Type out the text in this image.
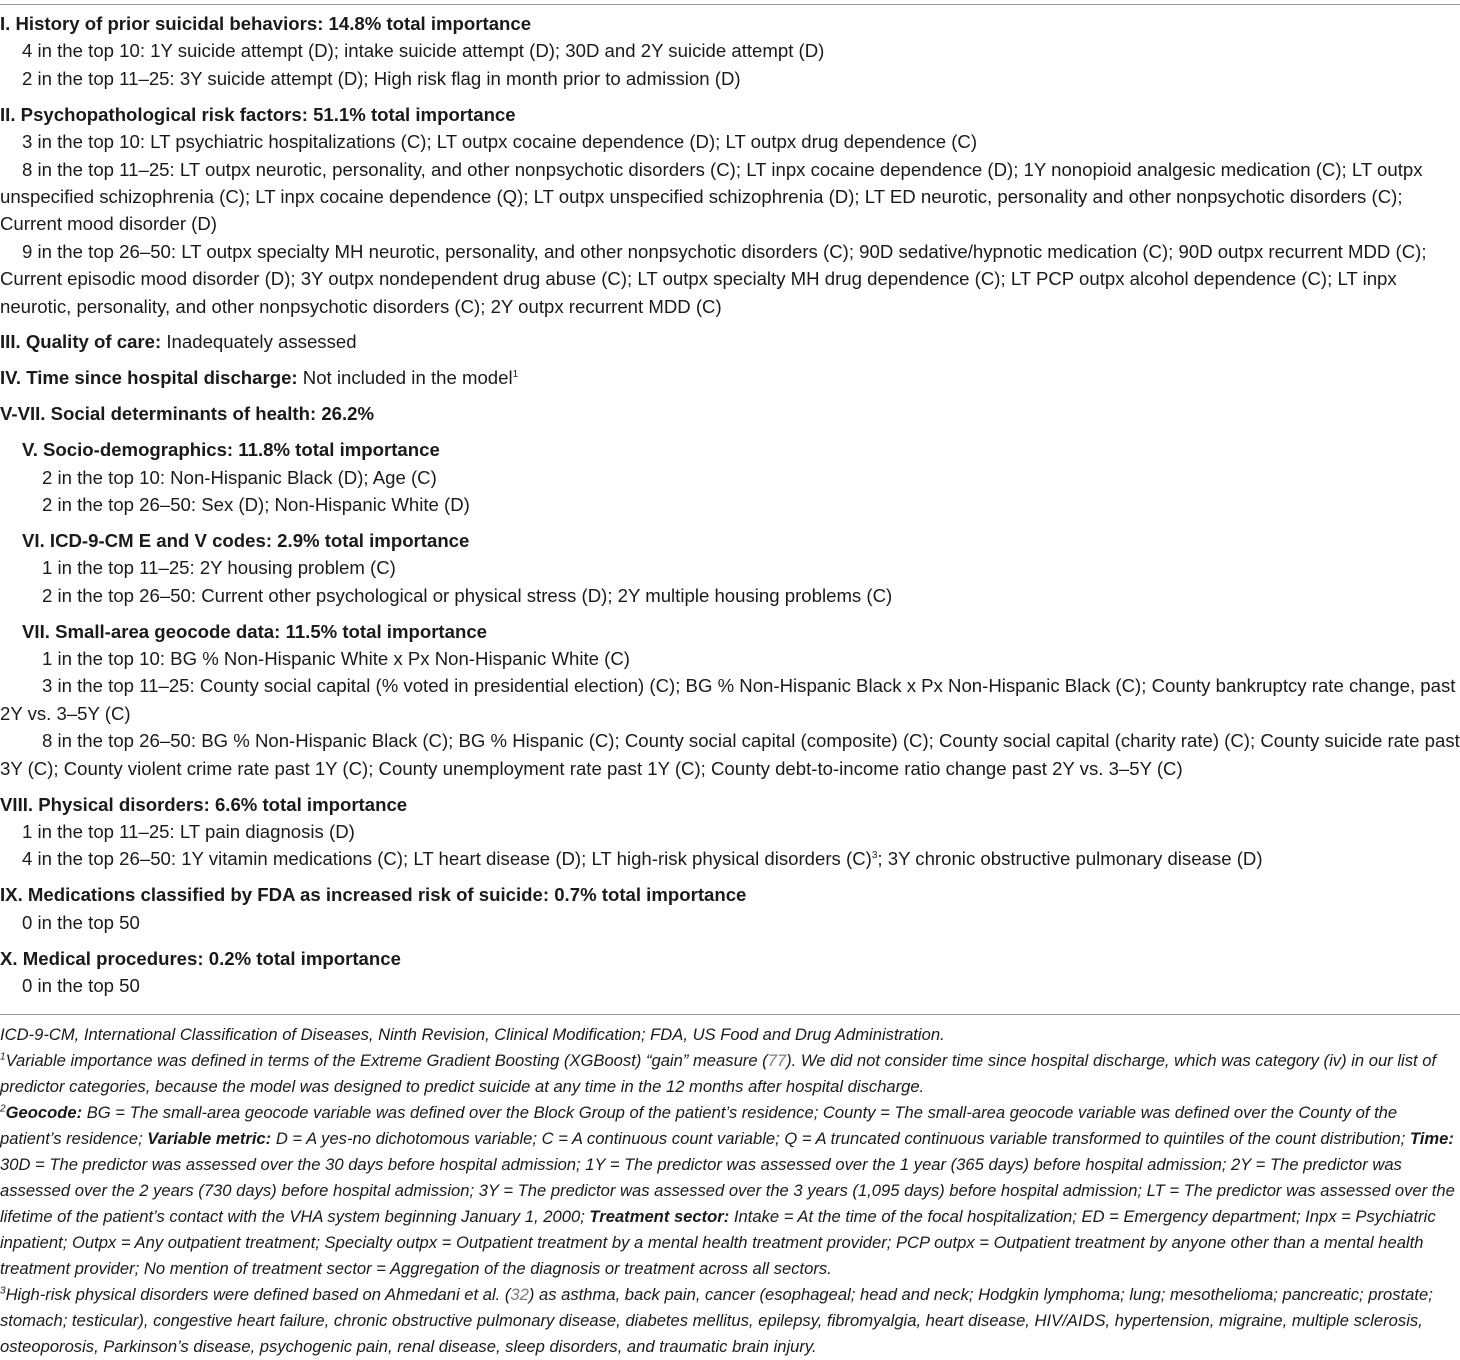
I. History of prior suicidal behaviors: 14.8% total importance
4 in the top 10: 1Y suicide attempt (D); intake suicide attempt (D); 30D and 2Y suicide attempt (D)
2 in the top 11–25: 3Y suicide attempt (D); High risk flag in month prior to admission (D)
II. Psychopathological risk factors: 51.1% total importance
3 in the top 10: LT psychiatric hospitalizations (C); LT outpx cocaine dependence (D); LT outpx drug dependence (C)
8 in the top 11–25: LT outpx neurotic, personality, and other nonpsychotic disorders (C); LT inpx cocaine dependence (D); 1Y nonopioid analgesic medication (C); LT outpx unspecified schizophrenia (C); LT inpx cocaine dependence (Q); LT outpx unspecified schizophrenia (D); LT ED neurotic, personality and other nonpsychotic disorders (C); Current mood disorder (D)
9 in the top 26–50: LT outpx specialty MH neurotic, personality, and other nonpsychotic disorders (C); 90D sedative/hypnotic medication (C); 90D outpx recurrent MDD (C); Current episodic mood disorder (D); 3Y outpx nondependent drug abuse (C); LT outpx specialty MH drug dependence (C); LT PCP outpx alcohol dependence (C); LT inpx neurotic, personality, and other nonpsychotic disorders (C); 2Y outpx recurrent MDD (C)
III. Quality of care: Inadequately assessed
IV. Time since hospital discharge: Not included in the model$^1$
V-VII. Social determinants of health: 26.2%
V. Socio-demographics: 11.8% total importance
2 in the top 10: Non-Hispanic Black (D); Age (C)
2 in the top 26–50: Sex (D); Non-Hispanic White (D)
VI. ICD-9-CM E and V codes: 2.9% total importance
1 in the top 11–25: 2Y housing problem (C)
2 in the top 26–50: Current other psychological or physical stress (D); 2Y multiple housing problems (C)
VII. Small-area geocode data: 11.5% total importance
1 in the top 10: BG % Non-Hispanic White x Px Non-Hispanic White (C)
3 in the top 11–25: County social capital (% voted in presidential election) (C); BG % Non-Hispanic Black x Px Non-Hispanic Black (C); County bankruptcy rate change, past 2Y vs. 3–5Y (C)
8 in the top 26–50: BG % Non-Hispanic Black (C); BG % Hispanic (C); County social capital (composite) (C); County social capital (charity rate) (C); County suicide rate past 3Y (C); County violent crime rate past 1Y (C); County unemployment rate past 1Y (C); County debt-to-income ratio change past 2Y vs. 3–5Y (C)
VIII. Physical disorders: 6.6% total importance
1 in the top 11–25: LT pain diagnosis (D)
4 in the top 26–50: 1Y vitamin medications (C); LT heart disease (D); LT high-risk physical disorders $(C)^3$; 3Y chronic obstructive pulmonary disease (D)
IX. Medications classified by FDA as increased risk of suicide: 0.7% total importance
0 in the top 50
X. Medical procedures: 0.2% total importance
0 in the top 50

ICD-9-CM, International Classification of Diseases, Ninth Revision, Clinical Modification; FDA, US Food and Drug Administration.

$^1$Variable importance was defined in terms of the Extreme Gradient Boosting (XGBoost) “gain” measure (77). We did not consider time since hospital discharge, which was category (iv) in our list of predictor categories, because the model was designed to predict suicide at any time in the 12 months after hospital discharge.

$^2$Geocode: BG = The small-area geocode variable was defined over the Block Group of the patient’s residence; County = The small-area geocode variable was defined over the County of the patient’s residence; Variable metric: D = A yes-no dichotomous variable; C = A continuous count variable; Q = A truncated continuous variable transformed to quintiles of the count distribution; Time: 30D = The predictor was assessed over the 30 days before hospital admission; 1Y = The predictor was assessed over the 1 year (365 days) before hospital admission; 2Y = The predictor was assessed over the 2 years (730 days) before hospital admission; 3Y = The predictor was assessed over the 3 years (1,095 days) before hospital admission; LT = The predictor was assessed over the lifetime of the patient’s contact with the VHA system beginning January 1, 2000; Treatment sector: Intake = At the time of the focal hospitalization; ED = Emergency department; Inpx = Psychiatric inpatient; Outpx = Any outpatient treatment; Specialty outpx = Outpatient treatment by a mental health treatment provider; PCP outpx = Outpatient treatment by anyone other than a mental health treatment provider; No mention of treatment sector = Aggregation of the diagnosis or treatment across all sectors.

$^3$High-risk physical disorders were defined based on Ahmedani et al. (32) as asthma, back pain, cancer (esophageal; head and neck; Hodgkin lymphoma; lung; mesothelioma; pancreatic; prostate; stomach; testicular), congestive heart failure, chronic obstructive pulmonary disease, diabetes mellitus, epilepsy, fibromyalgia, heart disease, HIV/AIDS, hypertension, migraine, multiple sclerosis, osteoporosis, Parkinson’s disease, psychogenic pain, renal disease, sleep disorders, and traumatic brain injury.
